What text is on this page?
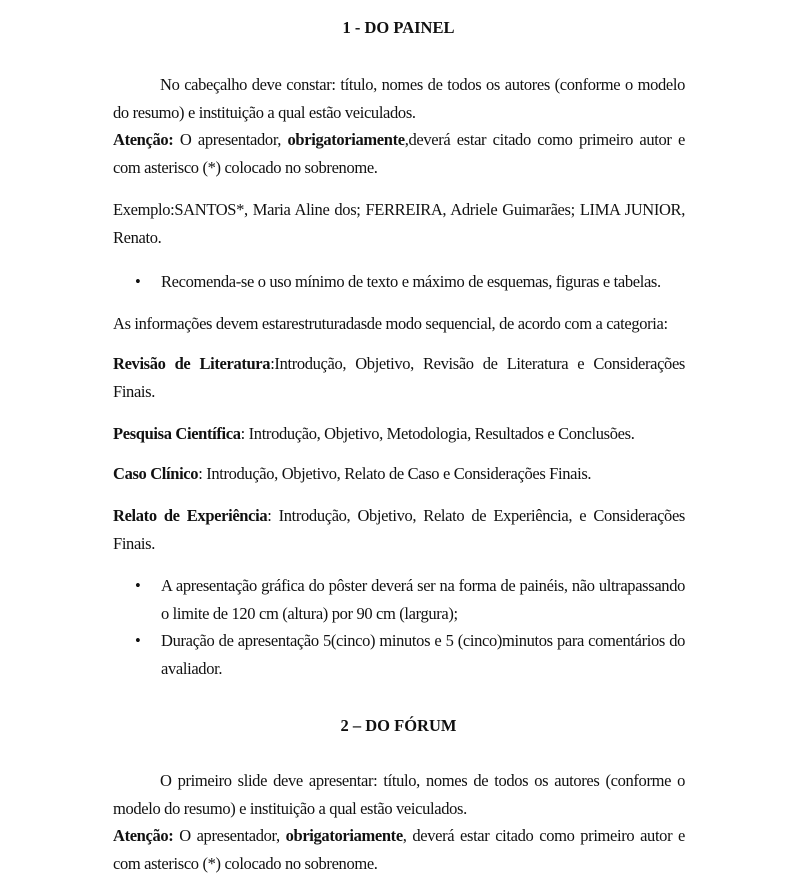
1 - DO PAINEL
No cabeçalho deve constar: título, nomes de todos os autores (conforme o modelo do resumo) e instituição a qual estão veiculados.
Atenção: O apresentador, obrigatoriamente,deverá estar citado como primeiro autor e com asterisco (*) colocado no sobrenome.
Exemplo:SANTOS*, Maria Aline dos; FERREIRA, Adriele Guimarães; LIMA JUNIOR, Renato.
• Recomenda-se o uso mínimo de texto e máximo de esquemas, figuras e tabelas.
As informações devem estarestruturadasde modo sequencial, de acordo com a categoria:
Revisão de Literatura:Introdução, Objetivo, Revisão de Literatura e Considerações Finais.
Pesquisa Científica: Introdução, Objetivo, Metodologia, Resultados e Conclusões.
Caso Clínico: Introdução, Objetivo, Relato de Caso e Considerações Finais.
Relato de Experiência: Introdução, Objetivo, Relato de Experiência, e Considerações Finais.
• A apresentação gráfica do pôster deverá ser na forma de painéis, não ultrapassando o limite de 120 cm (altura) por 90 cm (largura);
• Duração de apresentação 5(cinco) minutos e 5 (cinco)minutos para comentários do avaliador.
2 – DO FÓRUM
O primeiro slide deve apresentar: título, nomes de todos os autores (conforme o modelo do resumo) e instituição a qual estão veiculados.
Atenção: O apresentador, obrigatoriamente, deverá estar citado como primeiro autor e com asterisco (*) colocado no sobrenome.
